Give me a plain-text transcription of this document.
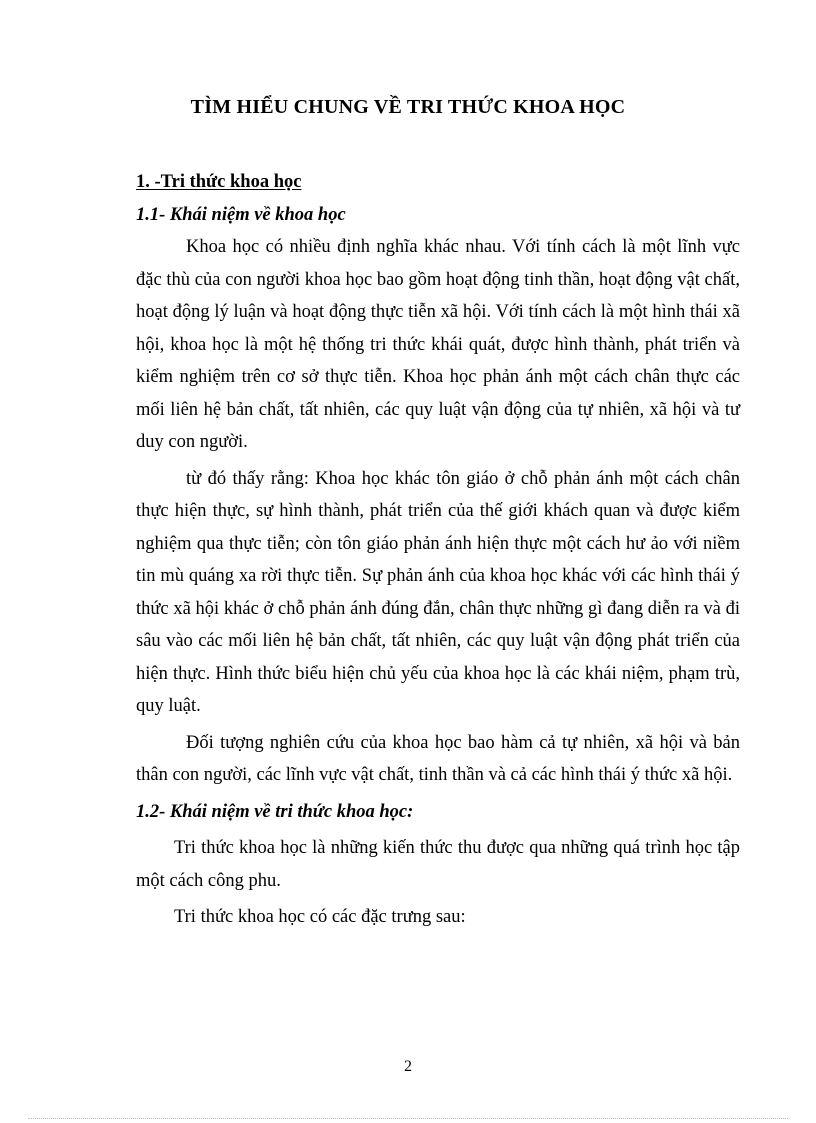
TÌM HIỂU CHUNG VỀ TRI THỨC KHOA HỌC

1. -Tri thức khoa học

1.1- Khái niệm về khoa học

Khoa học có nhiều định nghĩa khác nhau. Với tính cách là một lĩnh vực đặc thù của con người khoa học bao gồm hoạt động tinh thần, hoạt động vật chất, hoạt động lý luận và hoạt động thực tiễn xã hội. Với tính cách là một hình thái xã hội, khoa học là một hệ thống tri thức khái quát, được hình thành, phát triển và kiểm nghiệm trên cơ sở thực tiễn. Khoa học phản ánh một cách chân thực các mối liên hệ bản chất, tất nhiên, các quy luật vận động của tự nhiên, xã hội và tư duy con người.

từ đó thấy rằng: Khoa học khác tôn giáo ở chỗ phản ánh một cách chân thực hiện thực, sự hình thành, phát triển của thế giới khách quan và được kiểm nghiệm qua thực tiễn; còn tôn giáo phản ánh hiện thực một cách hư ảo với niềm tin mù quáng xa rời thực tiễn. Sự phản ánh của khoa học khác với các hình thái ý thức xã hội khác ở chỗ phản ánh đúng đắn, chân thực những gì đang diễn ra và đi sâu vào các mối liên hệ bản chất, tất nhiên, các quy luật vận động phát triển của hiện thực. Hình thức biểu hiện chủ yếu của khoa học là các khái niệm, phạm trù, quy luật.

Đối tượng nghiên cứu của khoa học bao hàm cả tự nhiên, xã hội và bản thân con người, các lĩnh vực vật chất, tinh thần và cả các hình thái ý thức xã hội.

1.2- Khái niệm về tri thức khoa học:

Tri thức khoa học là những kiến thức thu được qua những quá trình học tập một cách công phu.

Tri thức khoa học có các đặc trưng sau:

2
